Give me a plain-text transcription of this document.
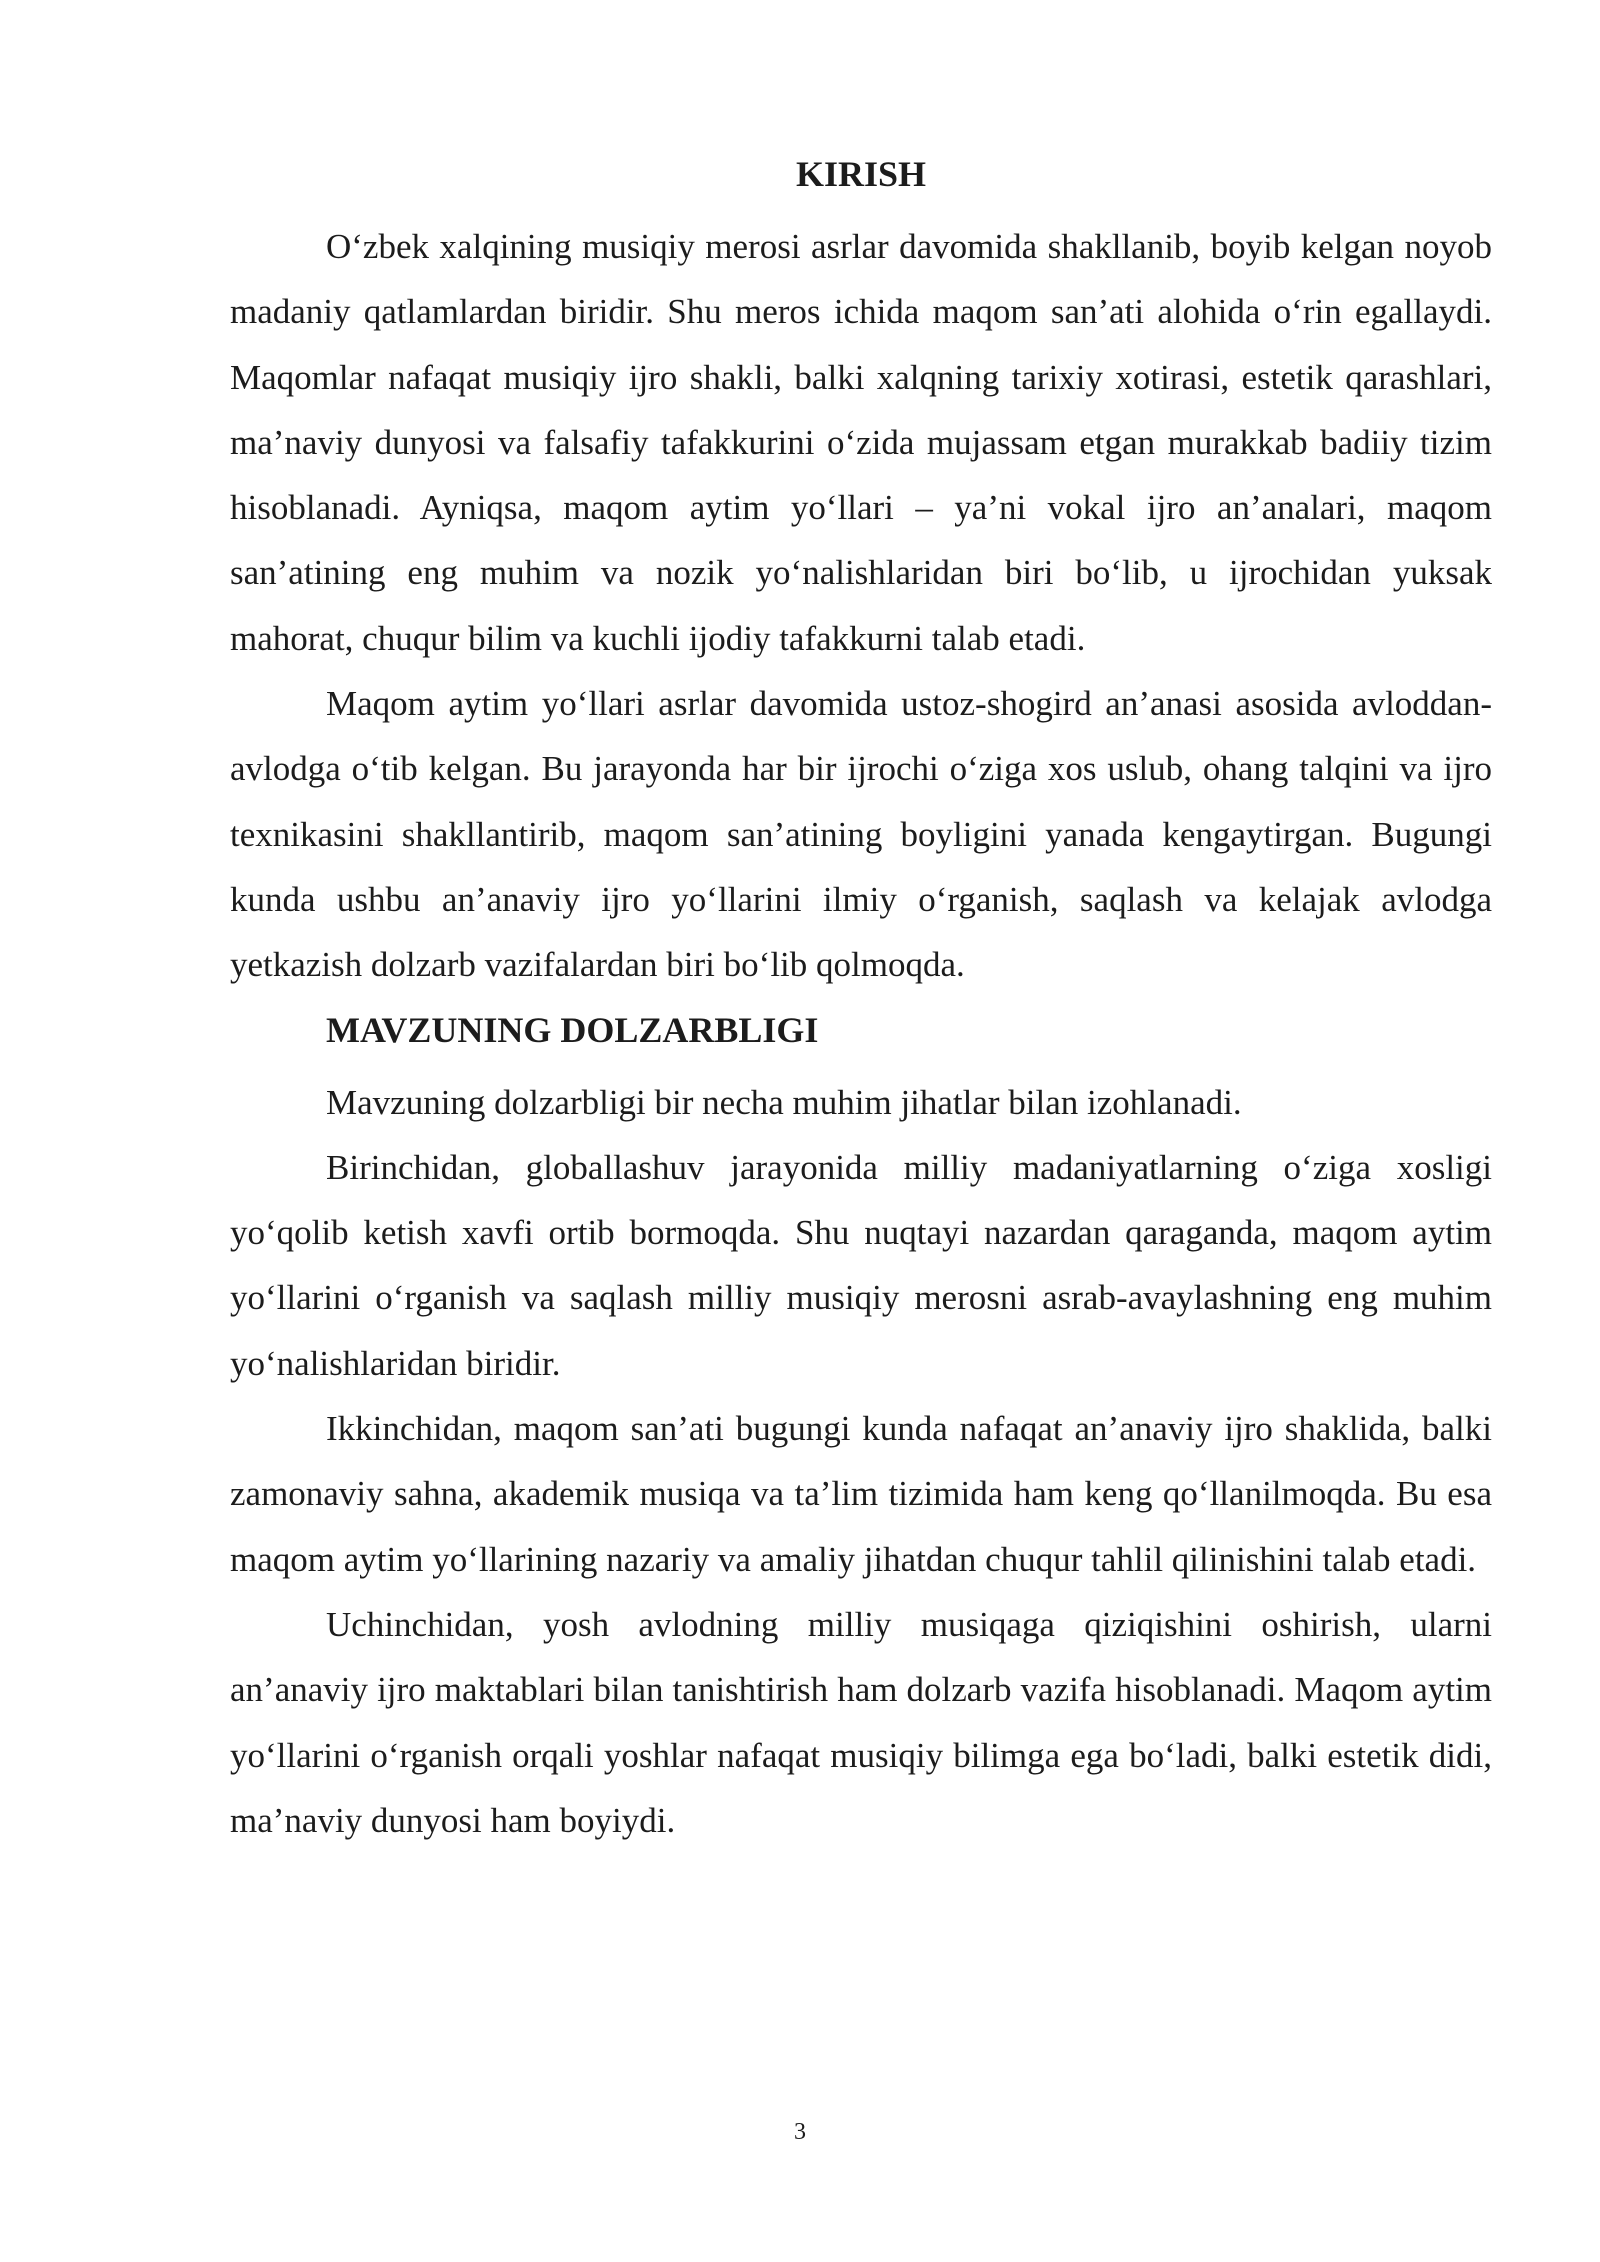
KIRISH

O‘zbek xalqining musiqiy merosi asrlar davomida shakllanib, boyib kelgan noyob madaniy qatlamlardan biridir. Shu meros ichida maqom san’ati alohida o‘rin egallaydi. Maqomlar nafaqat musiqiy ijro shakli, balki xalqning tarixiy xotirasi, estetik qarashlari, ma’naviy dunyosi va falsafiy tafakkurini o‘zida mujassam etgan murakkab badiiy tizim hisoblanadi. Ayniqsa, maqom aytim yo‘llari – ya’ni vokal ijro an’analari, maqom san’atining eng muhim va nozik yo‘nalishlaridan biri bo‘lib, u ijrochidan yuksak mahorat, chuqur bilim va kuchli ijodiy tafakkurni talab etadi.

Maqom aytim yo‘llari asrlar davomida ustoz-shogird an’anasi asosida avloddan-avlodga o‘tib kelgan. Bu jarayonda har bir ijrochi o‘ziga xos uslub, ohang talqini va ijro texnikasini shakllantirib, maqom san’atining boyligini yanada kengaytirgan. Bugungi kunda ushbu an’anaviy ijro yo‘llarini ilmiy o‘rganish, saqlash va kelajak avlodga yetkazish dolzarb vazifalardan biri bo‘lib qolmoqda.

MAVZUNING DOLZARBLIGI

Mavzuning dolzarbligi bir necha muhim jihatlar bilan izohlanadi.

Birinchidan, globallashuv jarayonida milliy madaniyatlarning o‘ziga xosligi yo‘qolib ketish xavfi ortib bormoqda. Shu nuqtayi nazardan qaraganda, maqom aytim yo‘llarini o‘rganish va saqlash milliy musiqiy merosni asrab-avaylashning eng muhim yo‘nalishlaridan biridir.

Ikkinchidan, maqom san’ati bugungi kunda nafaqat an’anaviy ijro shaklida, balki zamonaviy sahna, akademik musiqa va ta’lim tizimida ham keng qo‘llanilmoqda. Bu esa maqom aytim yo‘llarining nazariy va amaliy jihatdan chuqur tahlil qilinishini talab etadi.

Uchinchidan, yosh avlodning milliy musiqaga qiziqishini oshirish, ularni an’anaviy ijro maktablari bilan tanishtirish ham dolzarb vazifa hisoblanadi. Maqom aytim yo‘llarini o‘rganish orqali yoshlar nafaqat musiqiy bilimga ega bo‘ladi, balki estetik didi, ma’naviy dunyosi ham boyiydi.

3
